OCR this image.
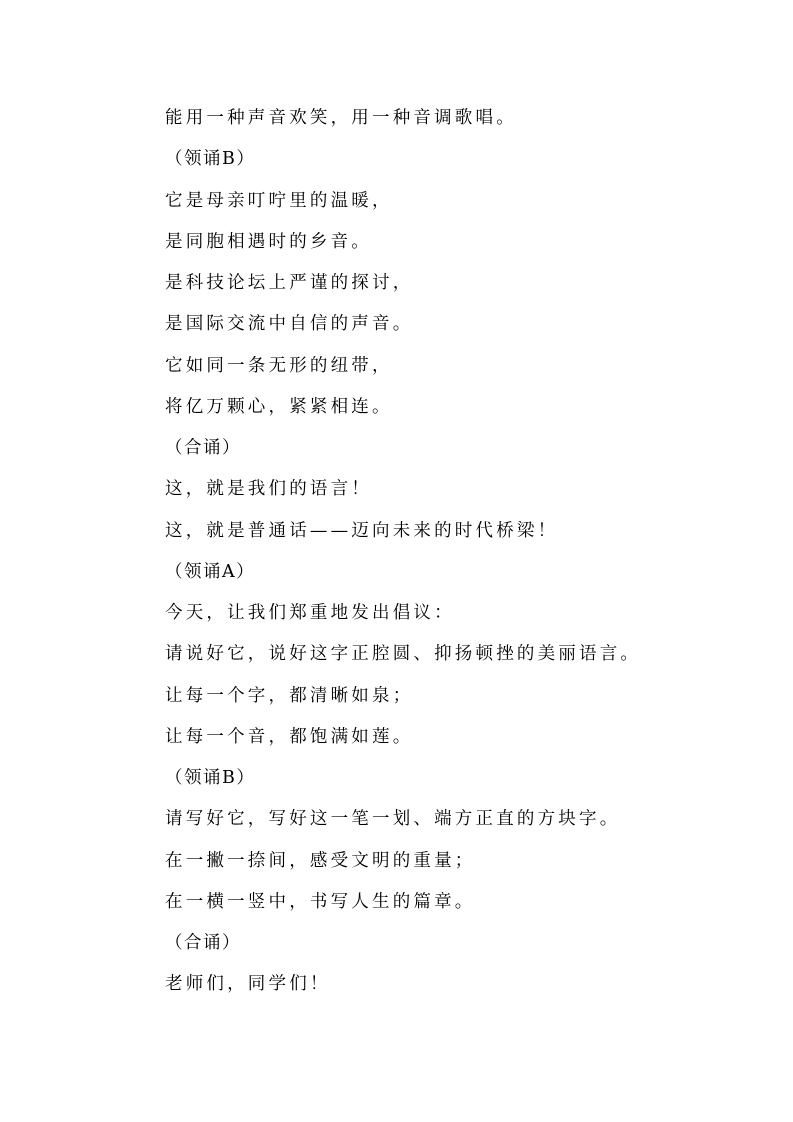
能用一种声音欢笑，用一种音调歌唱。
（领诵B）
它是母亲叮咛里的温暖，
是同胞相遇时的乡音。
是科技论坛上严谨的探讨，
是国际交流中自信的声音。
它如同一条无形的纽带，
将亿万颗心，紧紧相连。
（合诵）
这，就是我们的语言！
这，就是普通话——迈向未来的时代桥梁！
（领诵A）
今天，让我们郑重地发出倡议：
请说好它，说好这字正腔圆、抑扬顿挫的美丽语言。
让每一个字，都清晰如泉；
让每一个音，都饱满如莲。
（领诵B）
请写好它，写好这一笔一划、端方正直的方块字。
在一撇一捺间，感受文明的重量；
在一横一竖中，书写人生的篇章。
（合诵）
老师们，同学们！
